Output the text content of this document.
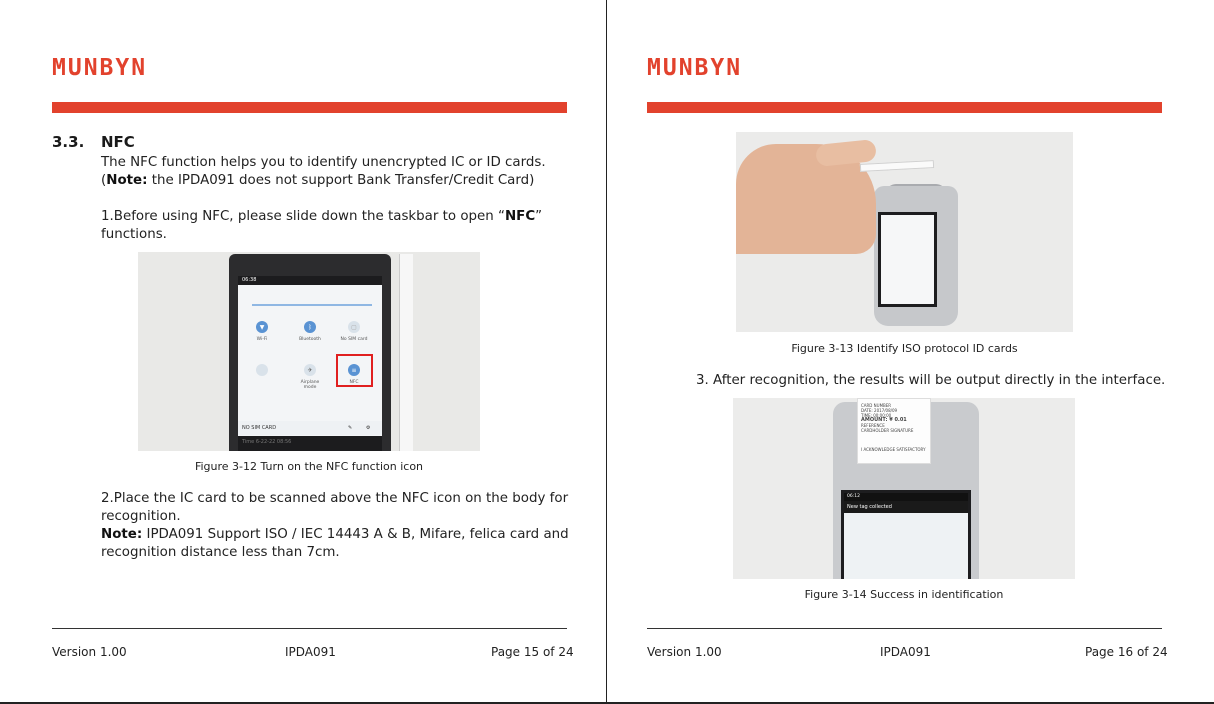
MUNBYN
3.3. NFC
The NFC function helps you to identify unencrypted IC or ID cards.
(Note: the IPDA091 does not support Bank Transfer/Credit Card)
1.Before using NFC, please slide down the taskbar to open “NFC” functions.
06:38
▼
Wi-Fi
ᛒ
Bluetooth
▢
No SIM card
✈
Airplane mode
≡
NFC
NO SIM CARD	✎	⚙
Time 6-22-22 08:56
Figure 3-12 Turn on the NFC function icon
2.Place the IC card to be scanned above the NFC icon on the body for recognition.
Note: IPDA091 Support ISO / IEC 14443 A & B, Mifare, felica card and recognition distance less than 7cm.
Version 1.00	IPDA091	Page 15 of 24
MUNBYN
Version 1.00	IPDA091	Page 16 of 24
Figure 3-13 Identify ISO protocol ID cards
3. After recognition, the results will be output directly in the interface.
CARD NUMBER
DATE: 2017/08/09
TIME: 00:00:00
AMOUNT: ¥ 0.01
REFERENCE
CARDHOLDER SIGNATURE
I ACKNOWLEDGE SATISFACTORY
06:12
New tag collected
Figure 3-14 Success in identification
